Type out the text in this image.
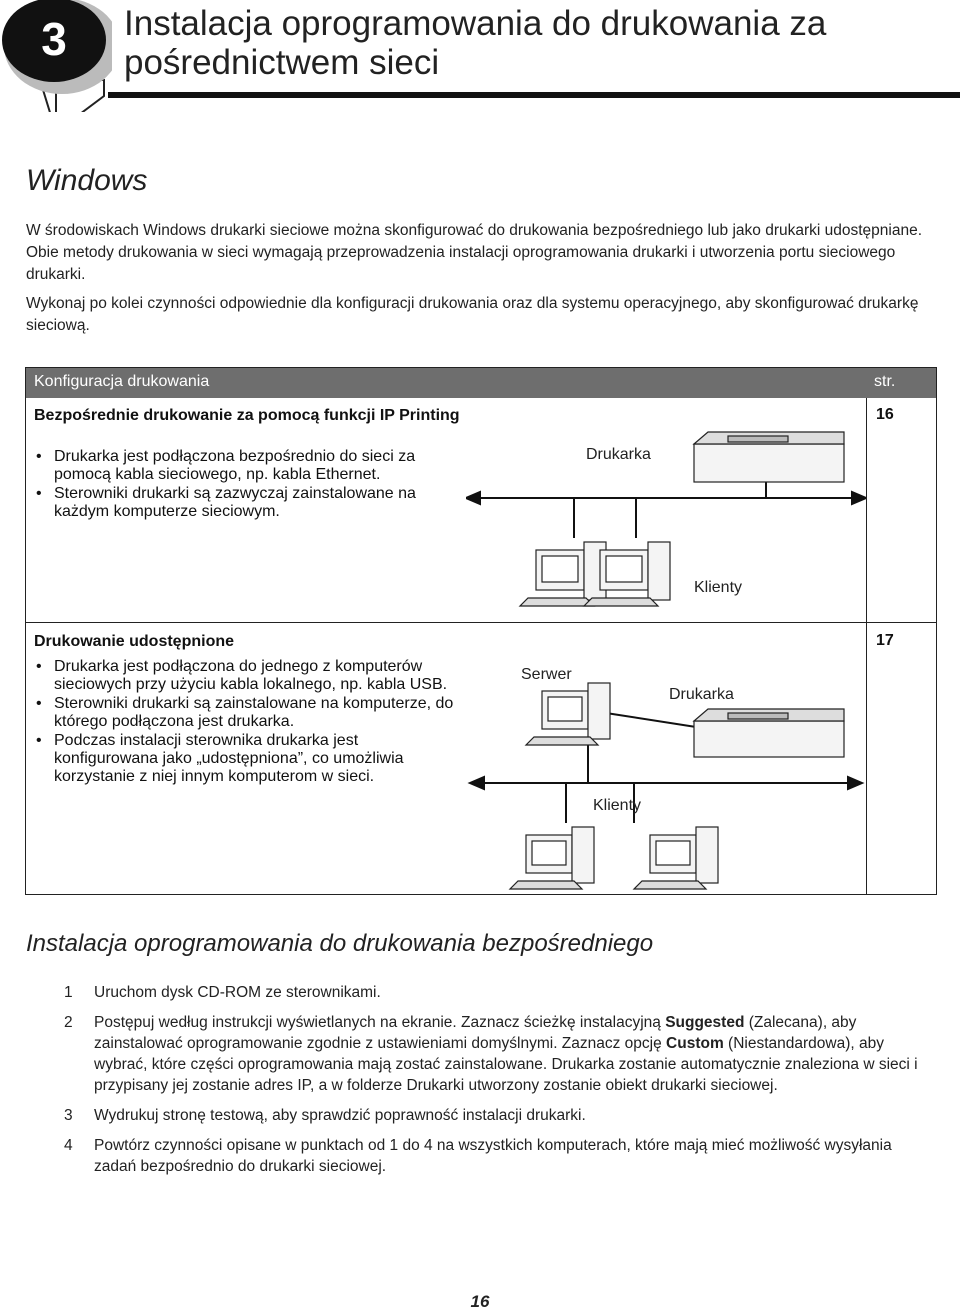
3	Instalacja oprogramowania do drukowania za pośrednictwem sieci
Windows
W środowiskach Windows drukarki sieciowe można skonfigurować do drukowania bezpośredniego lub jako drukarki udostępniane. Obie metody drukowania w sieci wymagają przeprowadzenia instalacji oprogramowania drukarki i utworzenia portu sieciowego drukarki.
Wykonaj po kolei czynności odpowiednie dla konfiguracji drukowania oraz dla systemu operacyjnego, aby skonfigurować drukarkę sieciową.
Konfiguracja drukowania	str.
Bezpośrednie drukowanie za pomocą funkcji IP Printing
• Drukarka jest podłączona bezpośrednio do sieci za pomocą kabla sieciowego, np. kabla Ethernet.
• Sterowniki drukarki są zazwyczaj zainstalowane na każdym komputerze sieciowym.
16
Drukarka
Klienty
Drukowanie udostępnione
• Drukarka jest podłączona do jednego z komputerów sieciowych przy użyciu kabla lokalnego, np. kabla USB.
• Sterowniki drukarki są zainstalowane na komputerze, do którego podłączona jest drukarka.
• Podczas instalacji sterownika drukarka jest konfigurowana jako „udostępniona”, co umożliwia korzystanie z niej innym komputerom w sieci.
17
Serwer
Drukarka
Klienty
Instalacja oprogramowania do drukowania bezpośredniego
1 Uruchom dysk CD-ROM ze sterownikami.
2 Postępuj według instrukcji wyświetlanych na ekranie. Zaznacz ścieżkę instalacyjną Suggested (Zalecana), aby zainstalować oprogramowanie zgodnie z ustawieniami domyślnymi. Zaznacz opcję Custom (Niestandardowa), aby wybrać, które części oprogramowania mają zostać zainstalowane. Drukarka zostanie automatycznie znaleziona w sieci i przypisany jej zostanie adres IP, a w folderze Drukarki utworzony zostanie obiekt drukarki sieciowej.
3 Wydrukuj stronę testową, aby sprawdzić poprawność instalacji drukarki.
4 Powtórz czynności opisane w punktach od 1 do 4 na wszystkich komputerach, które mają mieć możliwość wysyłania zadań bezpośrednio do drukarki sieciowej.
16
